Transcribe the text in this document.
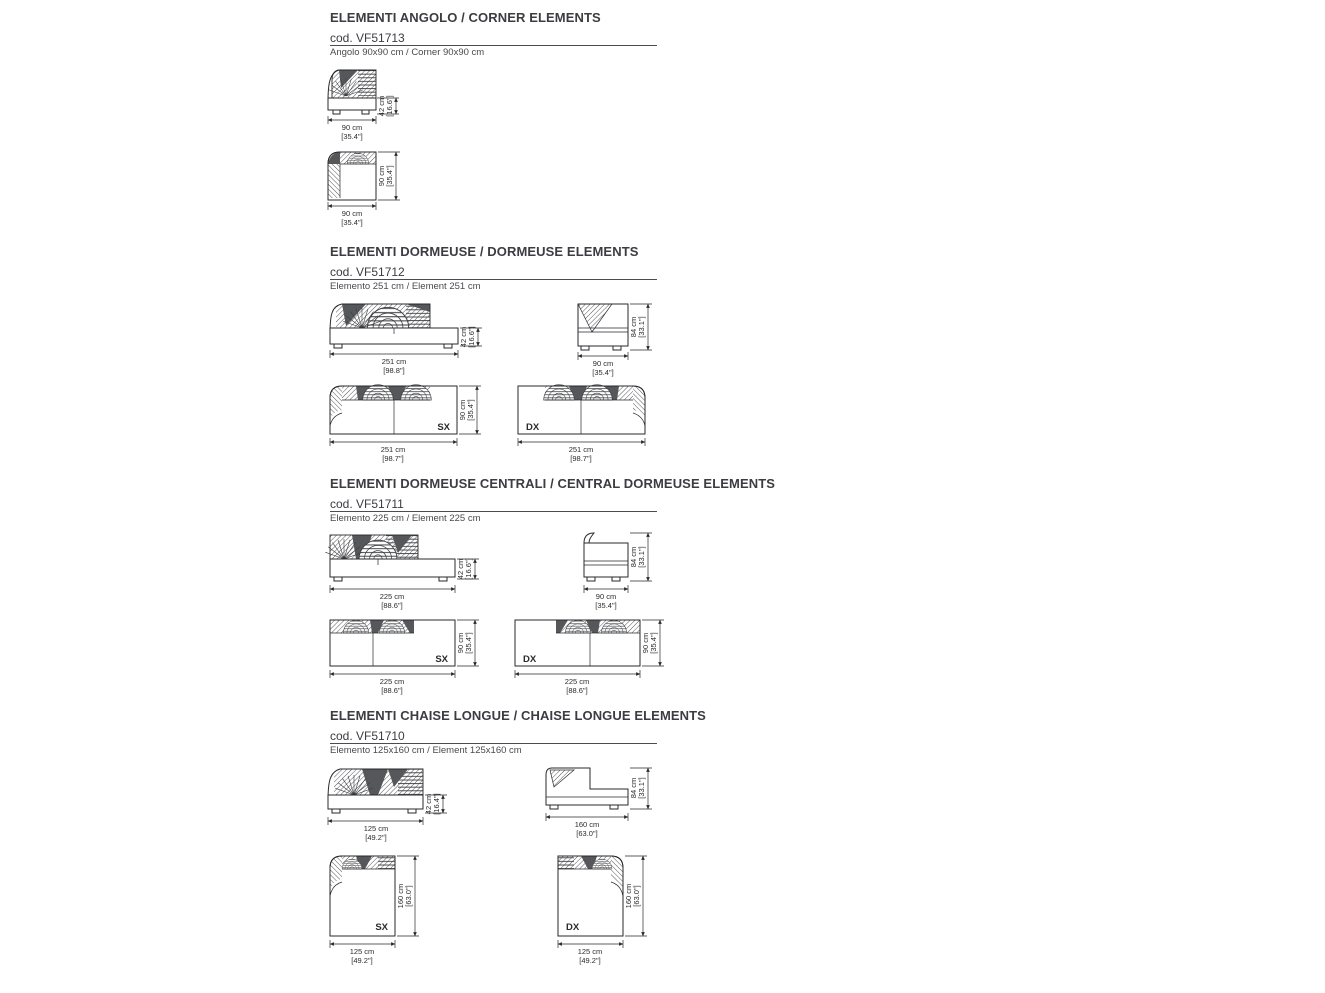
ELEMENTI ANGOLO / CORNER ELEMENTS
cod. VF51713
Angolo 90x90 cm / Corner 90x90 cm
42 cm [16.6"]
90 cm
[35.4"]
90 cm [35.4"]
90 cm
[35.4"]
ELEMENTI DORMEUSE / DORMEUSE ELEMENTS
cod. VF51712
Elemento 251 cm / Element 251 cm
42 cm [16.6"]
251 cm
[98.8"]
84 cm [33.1"]
90 cm
[35.4"]
SX
90 cm [35.4"]
251 cm
[98.7"]
DX
251 cm
[98.7"]
ELEMENTI DORMEUSE CENTRALI / CENTRAL DORMEUSE ELEMENTS
cod. VF51711
Elemento 225 cm / Element 225 cm
42 cm [16.6"]
225 cm
[88.6"]
84 cm [33.1"]
90 cm
[35.4"]
SX
90 cm [35.4"]
225 cm
[88.6"]
DX
90 cm [35.4"]
225 cm
[88.6"]
ELEMENTI CHAISE LONGUE / CHAISE LONGUE ELEMENTS
cod. VF51710
Elemento 125x160 cm / Element 125x160 cm
42 cm [16.4"]
125 cm
[49.2"]
84 cm [33.1"]
160 cm
[63.0"]
SX
160 cm [63.0"]
125 cm
[49.2"]
DX
160 cm [63.0"]
125 cm
[49.2"]
